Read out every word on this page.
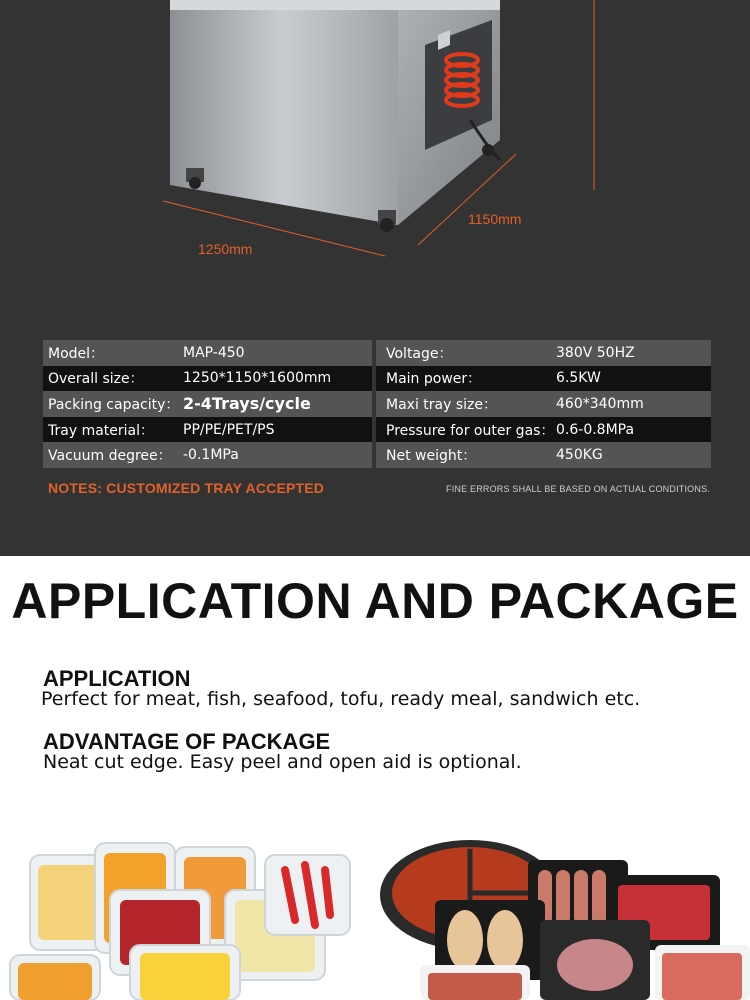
1250mm
1150mm
Model：	MAP-450
Overall size：	1250*1150*1600mm
Packing capacity： 2-4Trays/cycle
Tray material：	PP/PE/PET/PS
Vacuum degree： -0.1MPa
Voltage：	380V 50HZ
Main power：	6.5KW
Maxi tray size：	460*340mm
Pressure for outer gas： 0.6-0.8MPa
Net weight：	450KG
NOTES: CUSTOMIZED TRAY ACCEPTED	FINE ERRORS SHALL BE BASED ON ACTUAL CONDITIONS.
APPLICATION AND PACKAGE
APPLICATION
Perfect for meat, fish, seafood, tofu, ready meal, sandwich etc.
ADVANTAGE OF PACKAGE
Neat cut edge. Easy peel and open aid is optional.
